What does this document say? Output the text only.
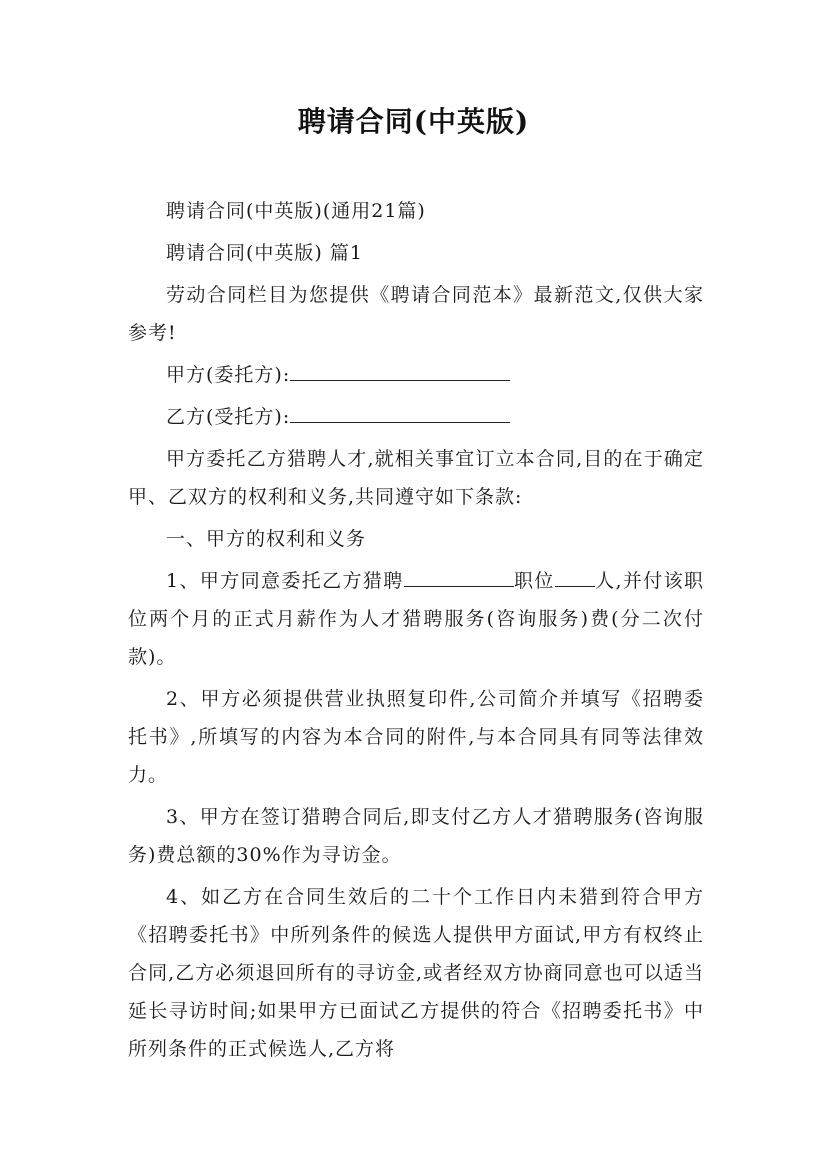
聘请合同(中英版)

聘请合同(中英版)(通用21篇)

聘请合同(中英版) 篇1

劳动合同栏目为您提供《聘请合同范本》最新范文,仅供大家参考!

甲方(委托方):

乙方(受托方):

甲方委托乙方猎聘人才,就相关事宜订立本合同,目的在于确定甲、乙双方的权利和义务,共同遵守如下条款:

一、甲方的权利和义务

1、甲方同意委托乙方猎聘	职位 人,并付该职位两个月的正式月薪作为人才猎聘服务(咨询服务)费(分二次付款)。

2、甲方必须提供营业执照复印件,公司简介并填写《招聘委托书》,所填写的内容为本合同的附件,与本合同具有同等法律效力。

3、甲方在签订猎聘合同后,即支付乙方人才猎聘服务(咨询服务)费总额的30%作为寻访金。

4、如乙方在合同生效后的二十个工作日内未猎到符合甲方《招聘委托书》中所列条件的候选人提供甲方面试,甲方有权终止合同,乙方必须退回所有的寻访金,或者经双方协商同意也可以适当延长寻访时间;如果甲方已面试乙方提供的符合《招聘委托书》中所列条件的正式候选人,乙方将
